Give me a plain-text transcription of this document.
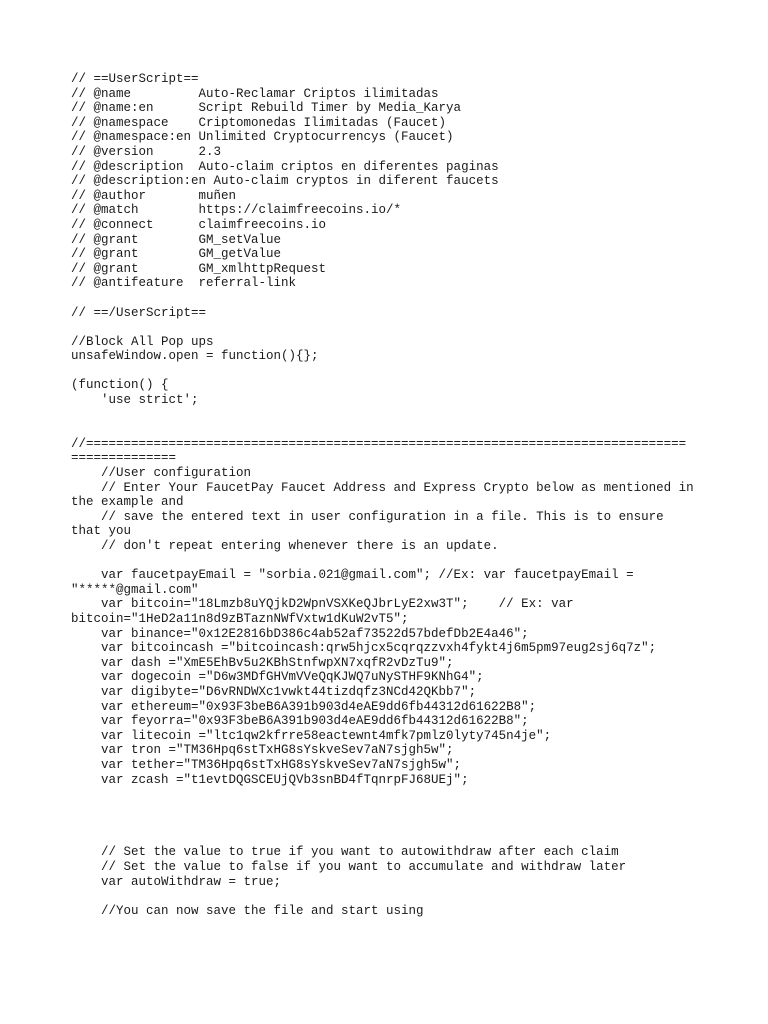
// ==UserScript==
// @name         Auto-Reclamar Criptos ilimitadas
// @name:en      Script Rebuild Timer by Media_Karya
// @namespace    Criptomonedas Ilimitadas (Faucet)
// @namespace:en Unlimited Cryptocurrencys (Faucet)
// @version      2.3
// @description  Auto-claim criptos en diferentes paginas
// @description:en Auto-claim cryptos in diferent faucets
// @author       muñen
// @match        https://claimfreecoins.io/*
// @connect      claimfreecoins.io
// @grant        GM_setValue
// @grant        GM_getValue
// @grant        GM_xmlhttpRequest
// @antifeature  referral-link
// ==/UserScript==
//Block All Pop ups
unsafeWindow.open = function(){};
(function() {
'use strict';
//================================================================================
==============
//User configuration
// Enter Your FaucetPay Faucet Address and Express Crypto below as mentioned in
the example and
// save the entered text in user configuration in a file. This is to ensure
that you
// don't repeat entering whenever there is an update.
var faucetpayEmail = "sorbia.021@gmail.com"; //Ex: var faucetpayEmail =
"*****@gmail.com"
var bitcoin="18Lmzb8uYQjkD2WpnVSXKeQJbrLyE2xw3T";    // Ex: var
bitcoin="1HeD2a11n8d9zBTaznNWfVxtw1dKuW2vT5";
var binance="0x12E2816bD386c4ab52af73522d57bdefDb2E4a46";
var bitcoincash ="bitcoincash:qrw5hjcx5cqrqzzvxh4fykt4j6m5pm97eug2sj6q7z";
var dash ="XmE5EhBv5u2KBhStnfwpXN7xqfR2vDzTu9";
var dogecoin ="D6w3MDfGHVmVVeQqKJWQ7uNySTHF9KNhG4";
var digibyte="D6vRNDWXc1vwkt44tizdqfz3NCd42QKbb7";
var ethereum="0x93F3beB6A391b903d4eAE9dd6fb44312d61622B8";
var feyorra="0x93F3beB6A391b903d4eAE9dd6fb44312d61622B8";
var litecoin ="ltc1qw2kfrre58eactewnt4mfk7pmlz0lyty745n4je";
var tron ="TM36Hpq6stTxHG8sYskveSev7aN7sjgh5w";
var tether="TM36Hpq6stTxHG8sYskveSev7aN7sjgh5w";
var zcash ="t1evtDQGSCEUjQVb3snBD4fTqnrpFJ68UEj";
// Set the value to true if you want to autowithdraw after each claim
// Set the value to false if you want to accumulate and withdraw later
var autoWithdraw = true;
//You can now save the file and start using
